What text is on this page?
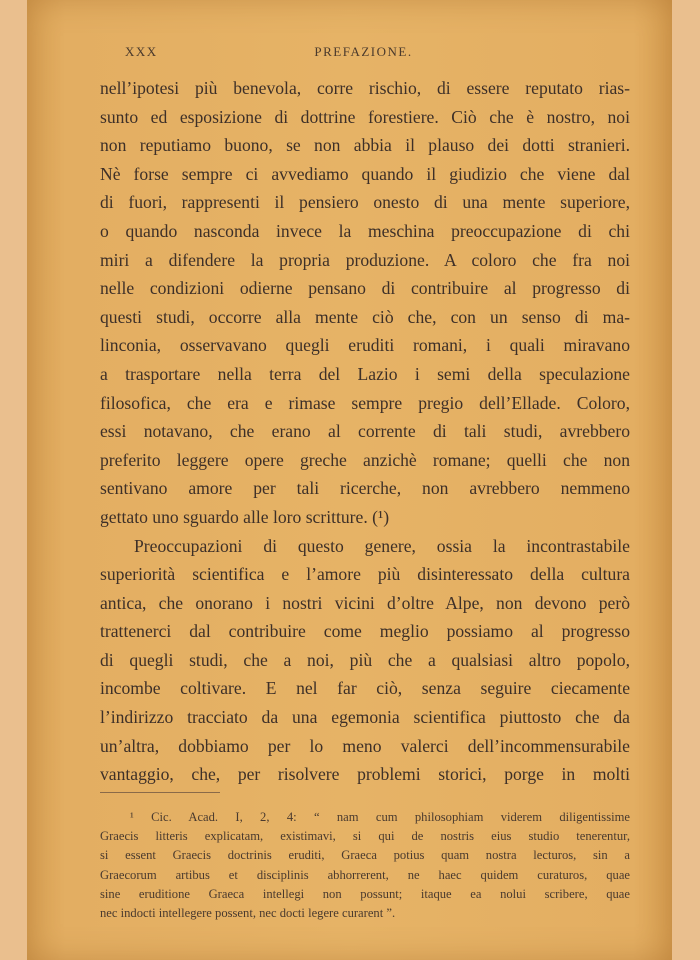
XXX	PREFAZIONE.
nell’ipotesi più benevola, corre rischio, di essere reputato rias-
sunto ed esposizione di dottrine forestiere. Ciò che è nostro, noi
non reputiamo buono, se non abbia il plauso dei dotti stranieri.
Nè forse sempre ci avvediamo quando il giudizio che viene dal
di fuori, rappresenti il pensiero onesto di una mente superiore,
o quando nasconda invece la meschina preoccupazione di chi
miri a difendere la propria produzione. A coloro che fra noi
nelle condizioni odierne pensano di contribuire al progresso di
questi studi, occorre alla mente ciò che, con un senso di ma-
linconia, osservavano quegli eruditi romani, i quali miravano
a trasportare nella terra del Lazio i semi della speculazione
filosofica, che era e rimase sempre pregio dell’Ellade. Coloro,
essi notavano, che erano al corrente di tali studi, avrebbero
preferito leggere opere greche anzichè romane; quelli che non
sentivano amore per tali ricerche, non avrebbero nemmeno
gettato uno sguardo alle loro scritture. (¹)
Preoccupazioni di questo genere, ossia la incontrastabile
superiorità scientifica e l’amore più disinteressato della cultura
antica, che onorano i nostri vicini d’oltre Alpe, non devono però
trattenerci dal contribuire come meglio possiamo al progresso
di quegli studi, che a noi, più che a qualsiasi altro popolo,
incombe coltivare. E nel far ciò, senza seguire ciecamente
l’indirizzo tracciato da una egemonia scientifica piuttosto che da
un’altra, dobbiamo per lo meno valerci dell’incommensurabile
vantaggio, che, per risolvere problemi storici, porge in molti
¹ Cic. Acad. I, 2, 4: “ nam cum philosophiam viderem diligentissime
Graecis litteris explicatam, existimavi, si qui de nostris eius studio tenerentur,
si essent Graecis doctrinis eruditi, Graeca potius quam nostra lecturos, sin a
Graecorum artibus et disciplinis abhorrerent, ne haec quidem curaturos, quae
sine eruditione Graeca intellegi non possunt; itaque ea nolui scribere, quae
nec indocti intellegere possent, nec docti legere curarent ”.
